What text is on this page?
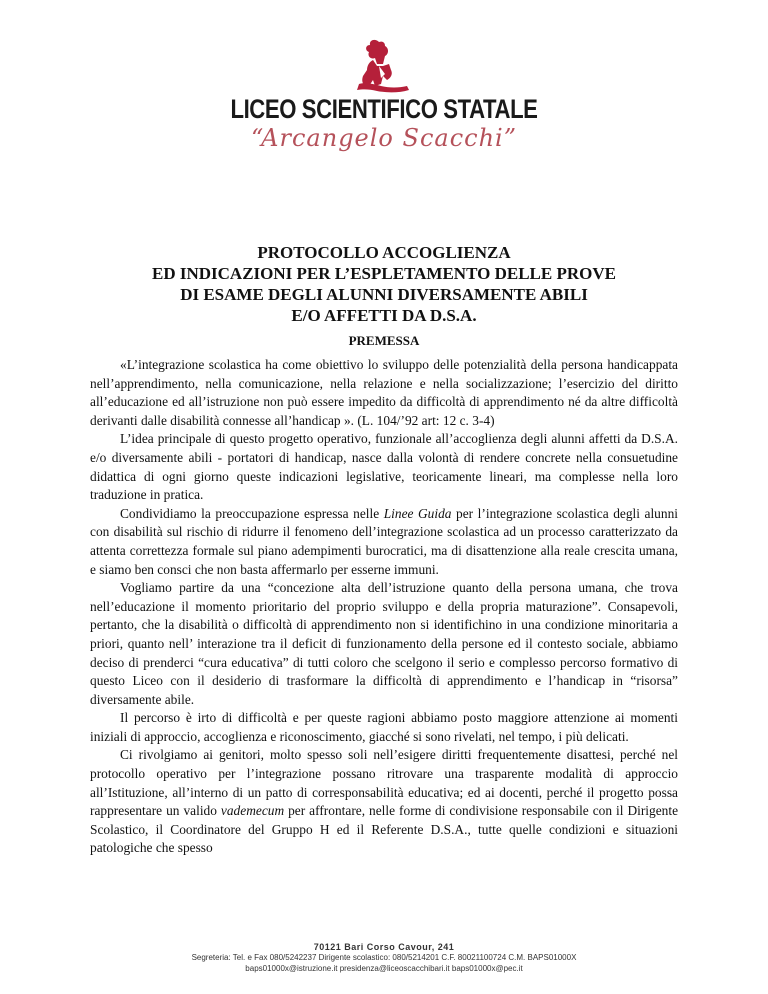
LICEO SCIENTIFICO STATALE
“Arcangelo Scacchi”
PROTOCOLLO ACCOGLIENZA
ED INDICAZIONI PER L’ESPLETAMENTO DELLE PROVE
DI ESAME DEGLI ALUNNI DIVERSAMENTE ABILI
E/O AFFETTI DA D.S.A.
PREMESSA

«L’integrazione scolastica ha come obiettivo lo sviluppo delle potenzialità della persona handicappata nell’apprendimento, nella comunicazione, nella relazione e nella socializzazione; l’esercizio del diritto all’educazione ed all’istruzione non può essere impedito da difficoltà di apprendimento né da altre difficoltà derivanti dalle disabilità connesse all’handicap ». (L. 104/’92 art: 12 c. 3-4)

L’idea principale di questo progetto operativo, funzionale all’accoglienza degli alunni affetti da D.S.A. e/o diversamente abili - portatori di handicap, nasce dalla volontà di rendere concrete nella consuetudine didattica di ogni giorno queste indicazioni legislative, teoricamente lineari, ma complesse nella loro traduzione in pratica.

Condividiamo la preoccupazione espressa nelle Linee Guida per l’integrazione scolastica degli alunni con disabilità sul rischio di ridurre il fenomeno dell’integrazione scolastica ad un processo caratterizzato da attenta correttezza formale sul piano adempimenti burocratici, ma di disattenzione alla reale crescita umana, e siamo ben consci che non basta affermarlo per esserne immuni.

Vogliamo partire da una “concezione alta dell’istruzione quanto della persona umana, che trova nell’educazione il momento prioritario del proprio sviluppo e della propria maturazione”. Consapevoli, pertanto, che la disabilità o difficoltà di apprendimento non si identifichino in una condizione minoritaria a priori, quanto nell’ interazione tra il deficit di funzionamento della persone ed il contesto sociale, abbiamo deciso di prenderci “cura educativa” di tutti coloro che scelgono il serio e complesso percorso formativo di questo Liceo con il desiderio di trasformare la difficoltà di apprendimento e l’handicap in “risorsa” diversamente abile.

Il percorso è irto di difficoltà e per queste ragioni abbiamo posto maggiore attenzione ai momenti iniziali di approccio, accoglienza e riconoscimento, giacché si sono rivelati, nel tempo, i più delicati.

Ci rivolgiamo ai genitori, molto spesso soli nell’esigere diritti frequentemente disattesi, perché nel protocollo operativo per l’integrazione possano ritrovare una trasparente modalità di approccio all’Istituzione, all’interno di un patto di corresponsabilità educativa; ed ai docenti, perché il progetto possa rappresentare un valido vademecum per affrontare, nelle forme di condivisione responsabile con il Dirigente Scolastico, il Coordinatore del Gruppo H ed il Referente D.S.A., tutte quelle condizioni e situazioni patologiche che spesso

70121 Bari Corso Cavour, 241
Segreteria: Tel. e Fax 080/5242237 Dirigente scolastico: 080/5214201 C.F. 80021100724 C.M. BAPS01000X
baps01000x@istruzione.it presidenza@liceoscacchibari.it baps01000x@pec.it
